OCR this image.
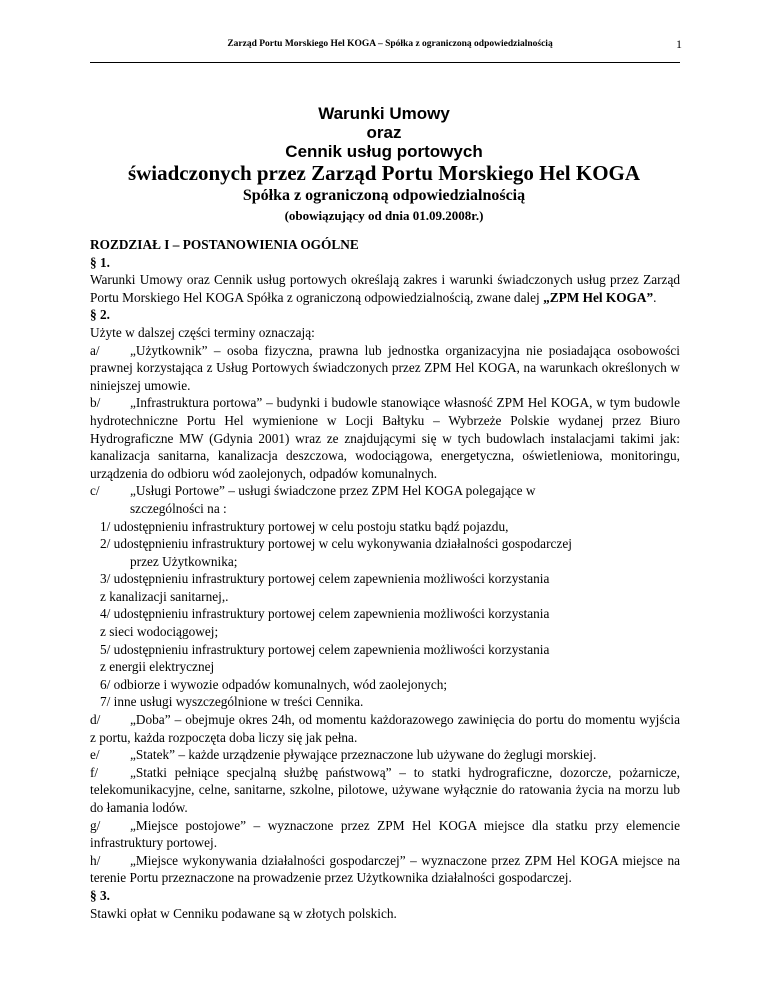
Zarząd Portu Morskiego Hel KOGA – Spółka z ograniczoną odpowiedzialnością	1
Warunki Umowy
oraz
Cennik usług portowych
świadczonych przez Zarząd Portu Morskiego Hel KOGA
Spółka z ograniczoną odpowiedzialnością
(obowiązujący od dnia 01.09.2008r.)

ROZDZIAŁ I – POSTANOWIENIA OGÓLNE

§ 1.

Warunki Umowy oraz Cennik usług portowych określają zakres i warunki świadczonych usług przez Zarząd Portu Morskiego Hel KOGA Spółka z ograniczoną odpowiedzialnością, zwane dalej „ZPM Hel KOGA”.

§ 2.

Użyte w dalszej części terminy oznaczają:

a/ „Użytkownik” – osoba fizyczna, prawna lub jednostka organizacyjna nie posiadająca osobowości prawnej korzystająca z Usług Portowych świadczonych przez ZPM Hel KOGA, na warunkach określonych w niniejszej umowie.

b/ „Infrastruktura portowa” – budynki i budowle stanowiące własność ZPM Hel KOGA, w tym budowle hydrotechniczne Portu Hel wymienione w Locji Bałtyku – Wybrzeże Polskie wydanej przez Biuro Hydrograficzne MW (Gdynia 2001) wraz ze znajdującymi się w tych budowlach instalacjami takimi jak: kanalizacja sanitarna, kanalizacja deszczowa, wodociągowa, energetyczna, oświetleniowa, monitoringu, urządzenia do odbioru wód zaolejonych, odpadów komunalnych.

c/ „Usługi Portowe” – usługi świadczone przez ZPM Hel KOGA polegające w

szczególności na :

1/ udostępnieniu infrastruktury portowej w celu postoju statku bądź pojazdu,

2/ udostępnieniu infrastruktury portowej w celu wykonywania działalności gospodarczej

przez Użytkownika;

3/ udostępnieniu infrastruktury portowej celem zapewnienia możliwości korzystania

z kanalizacji sanitarnej,.

4/ udostępnieniu infrastruktury portowej celem zapewnienia możliwości korzystania

z sieci wodociągowej;

5/ udostępnieniu infrastruktury portowej celem zapewnienia możliwości korzystania

z energii elektrycznej

6/ odbiorze i wywozie odpadów komunalnych, wód zaolejonych;

7/ inne usługi wyszczególnione w treści Cennika.

d/ „Doba” – obejmuje okres 24h, od momentu każdorazowego zawinięcia do portu do momentu wyjścia z portu, każda rozpoczęta doba liczy się jak pełna.

e/ „Statek” – każde urządzenie pływające przeznaczone lub używane do żeglugi morskiej.

f/ „Statki pełniące specjalną służbę państwową” – to statki hydrograficzne, dozorcze, pożarnicze, telekomunikacyjne, celne, sanitarne, szkolne, pilotowe, używane wyłącznie do ratowania życia na morzu lub do łamania lodów.

g/ „Miejsce postojowe” – wyznaczone przez ZPM Hel KOGA miejsce dla statku przy elemencie infrastruktury portowej.

h/ „Miejsce wykonywania działalności gospodarczej” – wyznaczone przez ZPM Hel KOGA miejsce na terenie Portu przeznaczone na prowadzenie przez Użytkownika działalności gospodarczej.

§ 3.

Stawki opłat w Cenniku podawane są w złotych polskich.
